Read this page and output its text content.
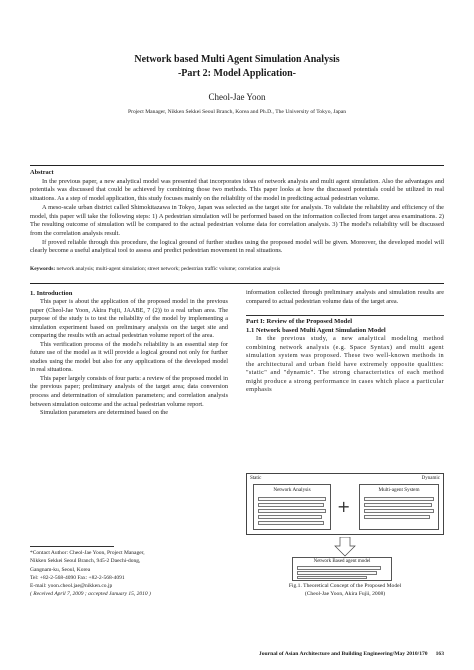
Network based Multi Agent Simulation Analysis
-Part 2: Model Application-
Cheol-Jae Yoon
Project Manager, Nikken Sekkei Seoul Branch, Korea and Ph.D., The University of Tokyo, Japan
Abstract

In the previous paper, a new analytical model was presented that incorporates ideas of network analysis and multi agent simulation. Also the advantages and potentials was discussed that could be achieved by combining those two methods. This paper looks at how the discussed potentials could be utilized in real situations. As a step of model application, this study focuses mainly on the reliability of the model in predicting actual pedestrian volume.

A meso-scale urban district called Shimokitazawa in Tokyo, Japan was selected as the target site for analysis. To validate the reliability and efficiency of the model, this paper will take the following steps: 1) A pedestrian simulation will be performed based on the information collected from target area examinations. 2) The resulting outcome of simulation will be compared to the actual pedestrian volume data for correlation analysis. 3) The model's reliability will be discussed from the correlation analysis result.

If proved reliable through this procedure, the logical ground of further studies using the proposed model will be given. Moreover, the developed model will clearly become a useful analytical tool to assess and predict pedestrian movement in real situations.

Keywords: network analysis; multi-agent simulation; street network; pedestrian traffic volume; correlation analysis
1. Introduction

This paper is about the application of the proposed model in the previous paper (Cheol-Jae Yoon, Akira Fujii, JAABE, 7 (2)) to a real urban area. The purpose of the study is to test the reliability of the model by implementing a simulation experiment based on preliminary analysis on the target site and comparing the results with an actual pedestrian volume report of the area.

This verification process of the model's reliability is an essential step for future use of the model as it will provide a logical ground not only for further studies using the model but also for any applications of the developed model in real situations.

This paper largely consists of four parts: a review of the proposed model in the previous paper; preliminary analysis of the target area; data conversion process and determination of simulation parameters; and correlation analysis between simulation outcome and the actual pedestrian volume report.

Simulation parameters are determined based on the

*Contact Author: Cheol-Jae Yoon, Project Manager,
Nikken Sekkei Seoul Branch, 945-2 Daechi-dong,
Gangnam-ku, Seoul, Korea
Tel: +82-2-568-4090 Fax: +82-2-568-4091
E-mail: yoon.cheol.jae@nikken.co.jp
( Received April 7, 2009 ; accepted January 15, 2010 )

information collected through preliminary analysis and simulation results are compared to actual pedestrian volume data of the target area.

Part I: Review of the Proposed Model
1.1 Network based Multi Agent Simulation Model

In the previous study, a new analytical modeling method combining network analysis (e.g. Space Syntax) and multi agent simulation system was proposed. These two well-known methods in the architectural and urban field have extremely opposite qualities: "static" and "dynamic". The strong characteristics of each method might produce a strong performance in cases which place a particular emphasis

Static	Dynamic
Network Analysis
+
Multi-agent System
Network Based agent model
Fig.1. Theoretical Concept of the Proposed Model
(Cheol-Jae Yoon, Akira Fujii, 2008)
Journal of Asian Architecture and Building Engineering/May 2010/170 163
